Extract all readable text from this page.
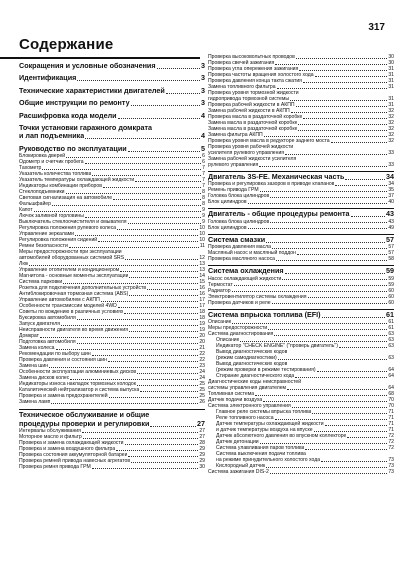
317
Содержание
Сокращения и условные обозначения	3
Идентификация	3
Технические характеристики двигателей	3
Общие инструкции по ремонту	3
Расшифровка кода модели	4
Точки установки гаражного домкрата
и лап подъемника	4
Руководство по эксплуатации	5
Блокировка дверей	6
Одометр и счетчик пробега	6
Тахометр	7
Указатель количества топлива	7
Указатель температуры охлаждающей жидкости	7
Индикаторы комбинации приборов	7
Стеклоподъемники	8
Световая сигнализация на автомобиле	8
Фальшфайер	8
Капот	9
Лючок заливной горловины	9
Выключатель стеклоочистителя и омывателя	9
Регулировка положения рулевого колеса	10
Управление зеркалами	10
Регулировка положения сидений	10
Ремни безопасности	11
Меры предосторожности при эксплуатации
автомобилей оборудованных системой SRS	12
Люк	13
Управление отопителем и кондиционером	13
Магнитола - основные моменты эксплуатации	14
Система парковки	15
Розетка для подключения дополнительных устройств	16
Антиблокировочная тормозная система (ABS)	16
Управление автомобилем с АКПП	17
Особенности трансмиссии моделей 4WD	17
Советы по вождению в различных условиях	18
Буксировка автомобиля	18
Запуск двигателя	19
Неисправности двигателя во время движения	19
Домкрат	20
Подготовка автомобиля	20
Замена колеса	21
Рекомендации по выбору шин	22
Проверка давления и состояния шин	22
Замена шин	23
Особенности эксплуатации алюминиевых дисков	24
Замена дисков колес	24
Индикаторы износа накладок тормозных колодок	25
Каталитический нейтрализатор и система выпуска	25
Проверка и замена предохранителей	25
Замена ламп	26
Техническое обслуживание и общие
процедуры проверки и регулировки	27
Интервалы обслуживания	27
Моторное масло и фильтр	27
Проверка и замена охлаждающей жидкости	28
Проверка и замена воздушного фильтра	29
Проверка состояния аккумуляторной батареи	29
Проверка ремней привода навесных агрегатов	29
Проверка ремня привода ГРМ	30
Проверка высоковольтных проводов	30
Проверка свечей зажигания	30
Проверка угла опережения зажигания	31
Проверка частоты вращения холостого хода	31
Проверка давления конца такта сжатия	31
Замена топливного фильтра	31
Проверка уровня тормозной жидкости
гидропривода тормозной системы	31
Проверка рабочей жидкости в АКПП	31
Замена рабочей жидкости в АКПП	32
Проверка масла в раздаточной коробке	32
Замена масла в раздаточной коробке	32
Замена масла в раздаточной коробке	32
Замена фильтра АКПП	32
Проверка уровня масла в редукторе заднего моста	32
Проверка уровня рабочей жидкости
усилителя рулевого управления	33
Замена рабочей жидкости усилителя
рулевого управления	33
Двигатель 3S-FE. Механическая часть	34
Проверка и регулировка зазоров в приводе клапанов	34
Ремень привода ГРМ	35
Головка блока цилиндров	37
Блок цилиндров	40
Двигатель - общие процедуры ремонта	43
Головка блока цилиндров	43
Блок цилиндров	49
Система смазки	57
Проверка давления масла	57
Масляный насос и масляный поддон	57
Проверка масляного насоса	58
Система охлаждения	59
Насос охлаждающей жидкости	59
Термостат	59
Радиатор	60
Электровентилятор системы охлаждения	60
Проверка датчиков и реле	60
Система впрыска топлива (EFI)	61
Описание	61
Меры предосторожности	61
Система диагностирования	63
Описание	63
Индикатор "CHECK ENGINE" ("проверь двигатель")	63
Вывод диагностических кодов
(режим самодиагностики)	63
Вывод диагностических кодов
(режим проверки в режиме тестирования)	64
Стирание диагностического кода	64
Диагностические коды неисправностей
системы управления двигателем	64
Топливная система	68
Датчик подачи воздуха	70
Система электронного управления	70
Главное реле системы впрыска топлива	71
Реле топливного насоса	71
Датчик температуры охлаждающей жидкости	71
и датчик температуры воздуха на впуске	71
Датчик абсолютного давления во впускном коллекторе	72
Датчик детонации	72
Система улавливания паров топлива	72
Система выключения подачи топлива
на режиме принудительного холостого хода	73
Кислородный датчик	73
Система зажигания DIS-2	73
